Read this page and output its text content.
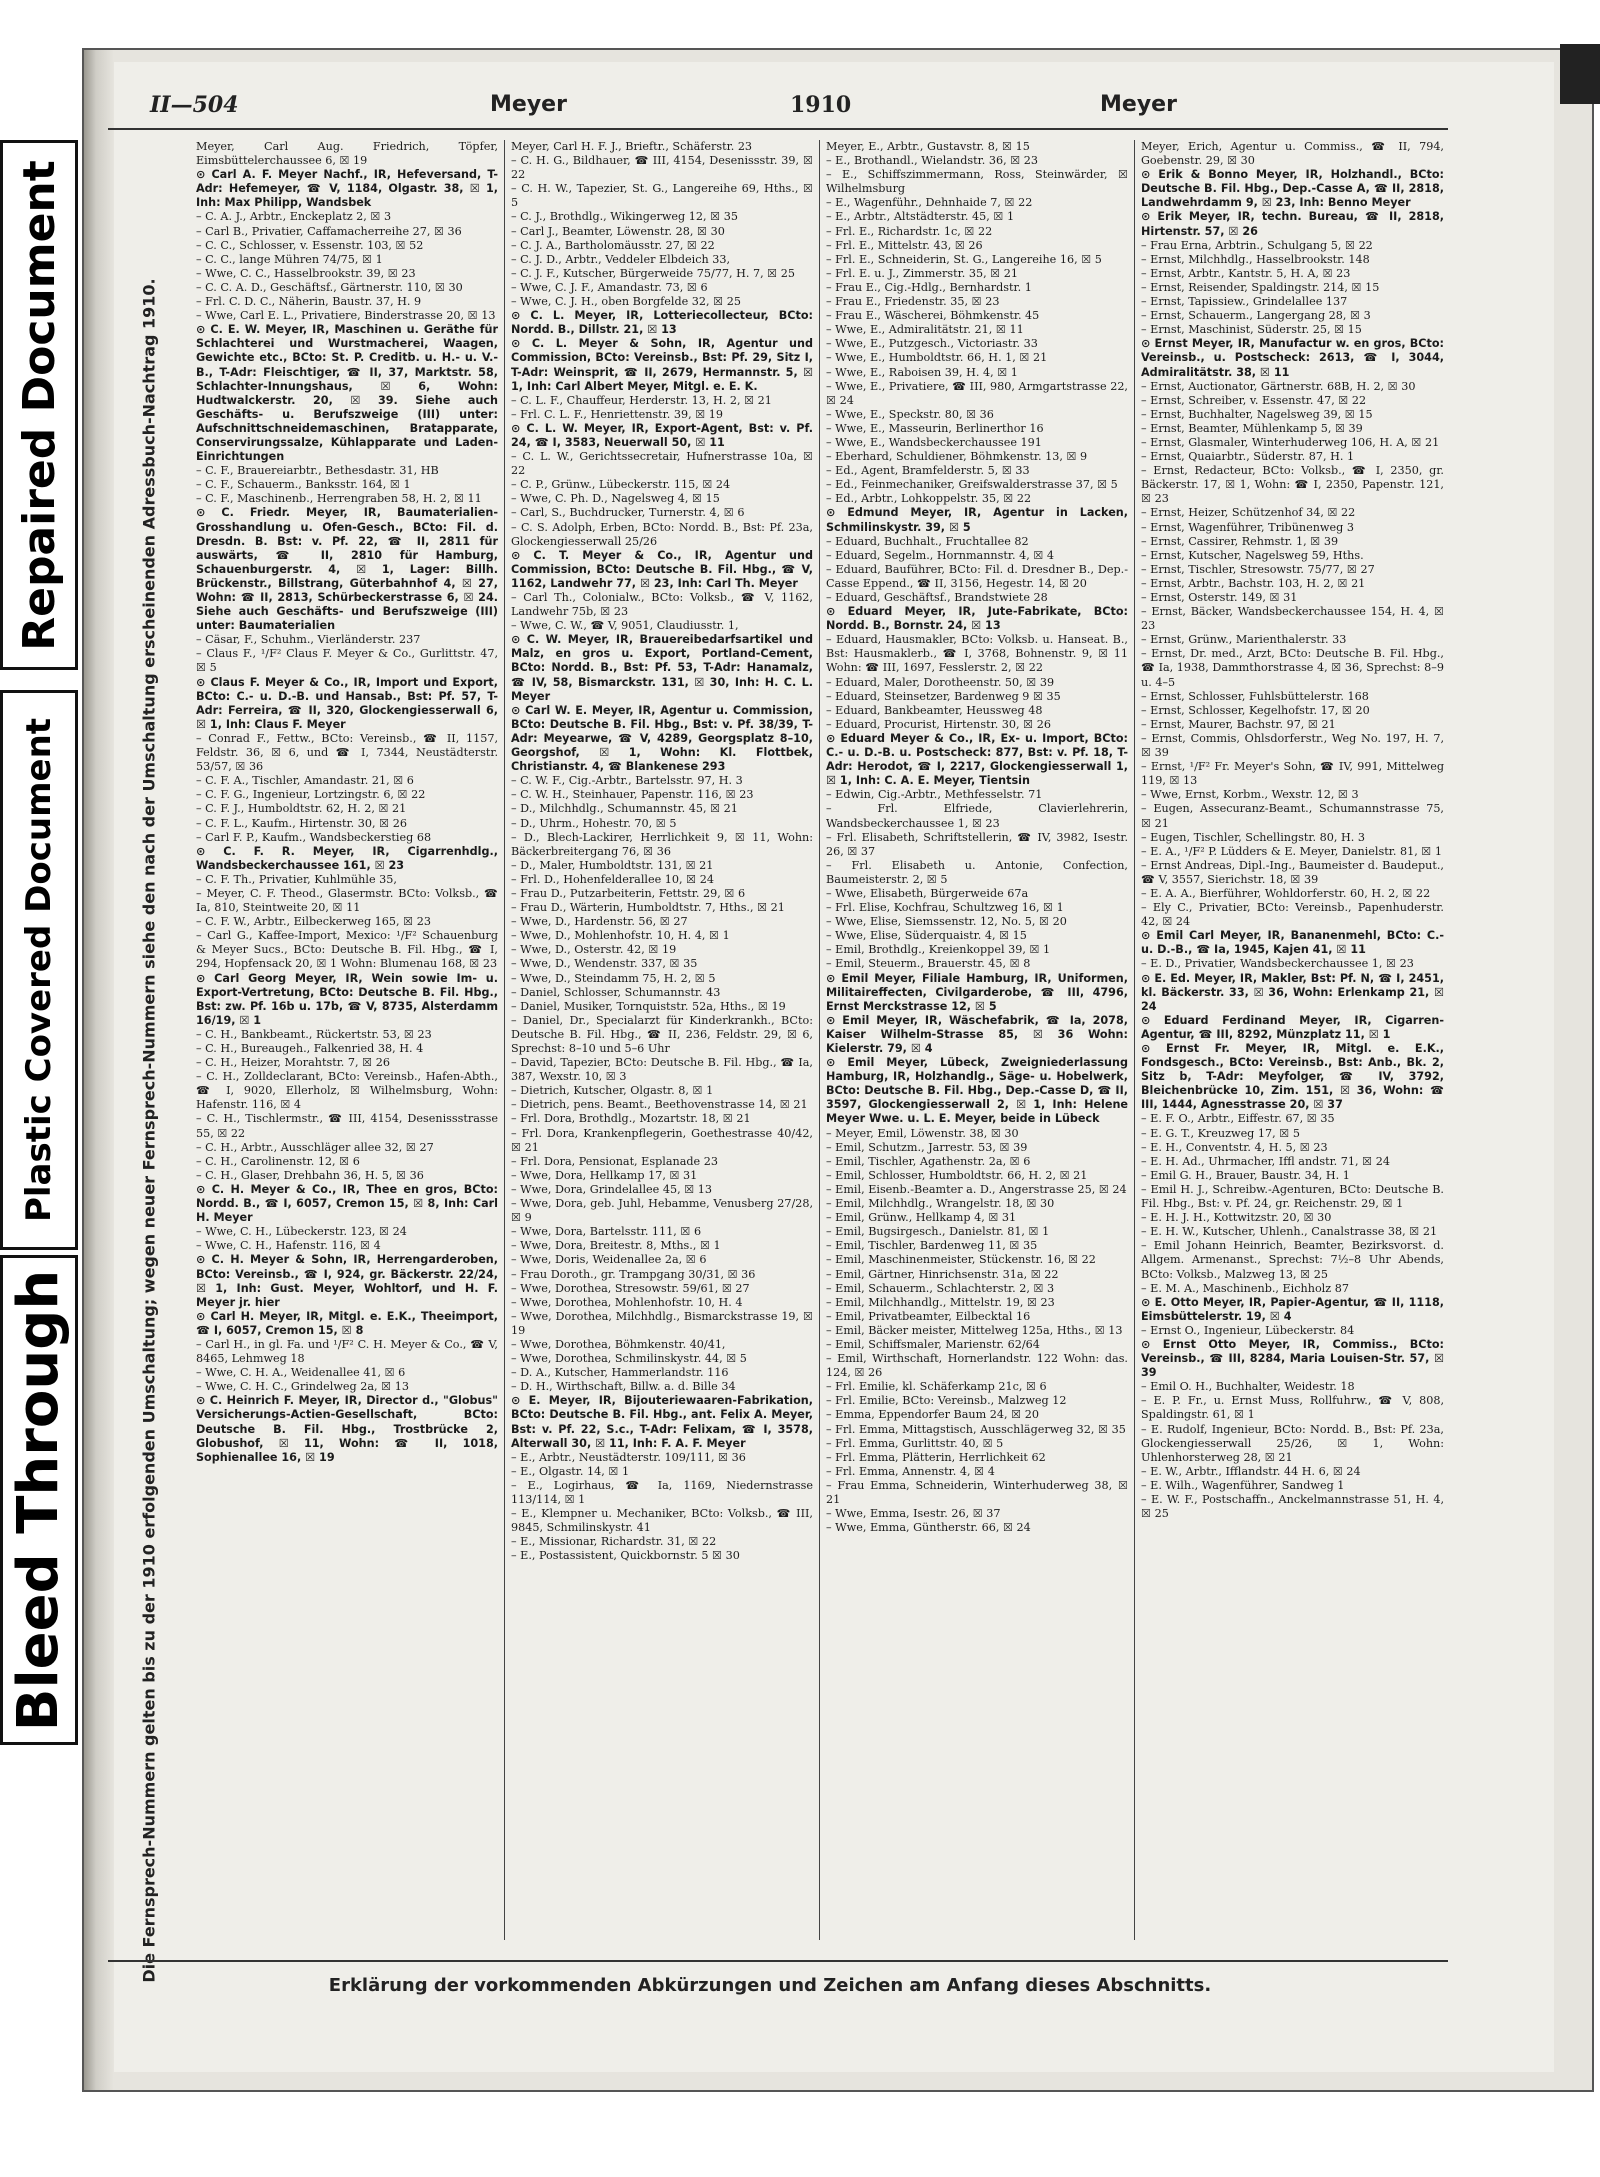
Repaired Document
Plastic Covered Document
Bleed Through
II—504	Meyer	1910	Meyer
Die Fernsprech-Nummern gelten bis zu der 1910 erfolgenden Umschaltung; wegen neuer Fernsprech-Nummern siehe den nach der Umschaltung erscheinenden Adressbuch-Nachtrag 1910.

Meyer, Carl Aug. Friedrich, Töpfer, Eimsbüttelerchaussee 6, ☒ 19

⊙ Carl A. F. Meyer Nachf., IR, Hefeversand, T-Adr: Hefemeyer, ☎ V, 1184, Olgastr. 38, ☒ 1, Inh: Max Philipp, Wandsbek

– C. A. J., Arbtr., Enckeplatz 2, ☒ 3

– Carl B., Privatier, Caffamacherreihe 27, ☒ 36

– C. C., Schlosser, v. Essenstr. 103, ☒ 52

– C. C., lange Mühren 74/75, ☒ 1

– Wwe, C. C., Hasselbrookstr. 39, ☒ 23

– C. C. A. D., Geschäftsf., Gärtnerstr. 110, ☒ 30

– Frl. C. D. C., Näherin, Baustr. 37, H. 9

– Wwe, Carl E. L., Privatiere, Binderstrasse 20, ☒ 13

⊙ C. E. W. Meyer, IR, Maschinen u. Geräthe für Schlachterei und Wurstmacherei, Waagen, Gewichte etc., BCto: St. P. Creditb. u. H.- u. V.-B., T-Adr: Fleischtiger, ☎ II, 37, Marktstr. 58, Schlachter-Innungshaus, ☒ 6, Wohn: Hudtwalckerstr. 20, ☒ 39. Siehe auch Geschäfts- u. Berufszweige (III) unter: Aufschnittschneidemaschinen, Bratapparate, Conservirungssalze, Kühlapparate und Laden-Einrichtungen

– C. F., Brauereiarbtr., Bethesdastr. 31, HB

– C. F., Schauerm., Banksstr. 164, ☒ 1

– C. F., Maschinenb., Herrengraben 58, H. 2, ☒ 11

⊙ C. Friedr. Meyer, IR, Baumaterialien-Grosshandlung u. Ofen-Gesch., BCto: Fil. d. Dresdn. B. Bst: v. Pf. 22, ☎ II, 2811 für auswärts, ☎ II, 2810 für Hamburg, Schauenburgerstr. 4, ☒ 1, Lager: Billh. Brückenstr., Billstrang, Güterbahnhof 4, ☒ 27, Wohn: ☎ II, 2813, Schürbeckerstrasse 6, ☒ 24. Siehe auch Geschäfts- und Berufszweige (III) unter: Baumaterialien

– Cäsar, F., Schuhm., Vierländerstr. 237

– Claus F., ¹/F² Claus F. Meyer & Co., Gurlittstr. 47, ☒ 5

⊙ Claus F. Meyer & Co., IR, Import und Export, BCto: C.- u. D.-B. und Hansab., Bst: Pf. 57, T-Adr: Ferreira, ☎ II, 320, Glockengiesserwall 6, ☒ 1, Inh: Claus F. Meyer

– Conrad F., Fettw., BCto: Vereinsb., ☎ II, 1157, Feldstr. 36, ☒ 6, und ☎ I, 7344, Neustädterstr. 53/57, ☒ 36

– C. F. A., Tischler, Amandastr. 21, ☒ 6

– C. F. G., Ingenieur, Lortzingstr. 6, ☒ 22

– C. F. J., Humboldtstr. 62, H. 2, ☒ 21

– C. F. L., Kaufm., Hirtenstr. 30, ☒ 26

– Carl F. P., Kaufm., Wandsbeckerstieg 68

⊙ C. F. R. Meyer, IR, Cigarrenhdlg., Wandsbeckerchaussee 161, ☒ 23

– C. F. Th., Privatier, Kuhlmühle 35,

– Meyer, C. F. Theod., Glasermstr. BCto: Volksb., ☎ Ia, 810, Steintweite 20, ☒ 11

– C. F. W., Arbtr., Eilbeckerweg 165, ☒ 23

– Carl G., Kaffee-Import, Mexico: ¹/F² Schauenburg & Meyer Sucs., BCto: Deutsche B. Fil. Hbg., ☎ I, 294, Hopfensack 20, ☒ 1 Wohn: Blumenau 168, ☒ 23

⊙ Carl Georg Meyer, IR, Wein sowie Im- u. Export-Vertretung, BCto: Deutsche B. Fil. Hbg., Bst: zw. Pf. 16b u. 17b, ☎ V, 8735, Alsterdamm 16/19, ☒ 1

– C. H., Bankbeamt., Rückertstr. 53, ☒ 23

– C. H., Bureaugeh., Falkenried 38, H. 4

– C. H., Heizer, Morahtstr. 7, ☒ 26

– C. H., Zolldeclarant, BCto: Vereinsb., Hafen-Abth., ☎ I, 9020, Ellerholz, ☒ Wilhelmsburg, Wohn: Hafenstr. 116, ☒ 4

– C. H., Tischlermstr., ☎ III, 4154, Desenissstrasse 55, ☒ 22

– C. H., Arbtr., Ausschläger allee 32, ☒ 27

– C. H., Carolinenstr. 12, ☒ 6

– C. H., Glaser, Drehbahn 36, H. 5, ☒ 36

⊙ C. H. Meyer & Co., IR, Thee en gros, BCto: Nordd. B., ☎ I, 6057, Cremon 15, ☒ 8, Inh: Carl H. Meyer

– Wwe, C. H., Lübeckerstr. 123, ☒ 24

– Wwe, C. H., Hafenstr. 116, ☒ 4

⊙ C. H. Meyer & Sohn, IR, Herrengarderoben, BCto: Vereinsb., ☎ I, 924, gr. Bäckerstr. 22/24, ☒ 1, Inh: Gust. Meyer, Wohltorf, und H. F. Meyer jr. hier

⊙ Carl H. Meyer, IR, Mitgl. e. E.K., Theeimport, ☎ I, 6057, Cremon 15, ☒ 8

– Carl H., in gl. Fa. und ¹/F² C. H. Meyer & Co., ☎ V, 8465, Lehmweg 18

– Wwe, C. H. A., Weidenallee 41, ☒ 6

– Wwe, C. H. C., Grindelweg 2a, ☒ 13

⊙ C. Heinrich F. Meyer, IR, Director d., "Globus" Versicherungs-Actien-Gesellschaft, BCto: Deutsche B. Fil. Hbg., Trostbrücke 2, Globushof, ☒ 11, Wohn: ☎ II, 1018, Sophienallee 16, ☒ 19

Meyer, Carl H. F. J., Brieftr., Schäferstr. 23

– C. H. G., Bildhauer, ☎ III, 4154, Desenissstr. 39, ☒ 22

– C. H. W., Tapezier, St. G., Langereihe 69, Hths., ☒ 5

– C. J., Brothdlg., Wikingerweg 12, ☒ 35

– Carl J., Beamter, Löwenstr. 28, ☒ 30

– C. J. A., Bartholomäusstr. 27, ☒ 22

– C. J. D., Arbtr., Veddeler Elbdeich 33,

– C. J. F., Kutscher, Bürgerweide 75/77, H. 7, ☒ 25

– Wwe, C. J. F., Amandastr. 73, ☒ 6

– Wwe, C. J. H., oben Borgfelde 32, ☒ 25

⊙ C. L. Meyer, IR, Lotteriecollecteur, BCto: Nordd. B., Dillstr. 21, ☒ 13

⊙ C. L. Meyer & Sohn, IR, Agentur und Commission, BCto: Vereinsb., Bst: Pf. 29, Sitz I, T-Adr: Weinsprit, ☎ II, 2679, Hermannstr. 5, ☒ 1, Inh: Carl Albert Meyer, Mitgl. e. E. K.

– C. L. F., Chauffeur, Herderstr. 13, H. 2, ☒ 21

– Frl. C. L. F., Henriettenstr. 39, ☒ 19

⊙ C. L. W. Meyer, IR, Export-Agent, Bst: v. Pf. 24, ☎ I, 3583, Neuerwall 50, ☒ 11

– C. L. W., Gerichtssecretair, Hufnerstrasse 10a, ☒ 22

– C. P., Grünw., Lübeckerstr. 115, ☒ 24

– Wwe, C. Ph. D., Nagelsweg 4, ☒ 15

– Carl, S., Buchdrucker, Turnerstr. 4, ☒ 6

– C. S. Adolph, Erben, BCto: Nordd. B., Bst: Pf. 23a, Glockengiesserwall 25/26

⊙ C. T. Meyer & Co., IR, Agentur und Commission, BCto: Deutsche B. Fil. Hbg., ☎ V, 1162, Landwehr 77, ☒ 23, Inh: Carl Th. Meyer

– Carl Th., Colonialw., BCto: Volksb., ☎ V, 1162, Landwehr 75b, ☒ 23

– Wwe, C. W., ☎ V, 9051, Claudiusstr. 1,

⊙ C. W. Meyer, IR, Brauereibedarfsartikel und Malz, en gros u. Export, Portland-Cement, BCto: Nordd. B., Bst: Pf. 53, T-Adr: Hanamalz, ☎ IV, 58, Bismarckstr. 131, ☒ 30, Inh: H. C. L. Meyer

⊙ Carl W. E. Meyer, IR, Agentur u. Commission, BCto: Deutsche B. Fil. Hbg., Bst: v. Pf. 38/39, T-Adr: Meyearwe, ☎ V, 4289, Georgsplatz 8–10, Georgshof, ☒ 1, Wohn: Kl. Flottbek, Christianstr. 4, ☎ Blankenese 293

– C. W. F., Cig.-Arbtr., Bartelsstr. 97, H. 3

– C. W. H., Steinhauer, Papenstr. 116, ☒ 23

– D., Milchhdlg., Schumannstr. 45, ☒ 21

– D., Uhrm., Hohestr. 70, ☒ 5

– D., Blech-Lackirer, Herrlichkeit 9, ☒ 11, Wohn: Bäckerbreitergang 76, ☒ 36

– D., Maler, Humboldtstr. 131, ☒ 21

– Frl. D., Hohenfelderallee 10, ☒ 24

– Frau D., Putzarbeiterin, Fettstr. 29, ☒ 6

– Frau D., Wärterin, Humboldtstr. 7, Hths., ☒ 21

– Wwe, D., Hardenstr. 56, ☒ 27

– Wwe, D., Mohlenhofstr. 10, H. 4, ☒ 1

– Wwe, D., Osterstr. 42, ☒ 19

– Wwe, D., Wendenstr. 337, ☒ 35

– Wwe, D., Steindamm 75, H. 2, ☒ 5

– Daniel, Schlosser, Schumannstr. 43

– Daniel, Musiker, Tornquiststr. 52a, Hths., ☒ 19

– Daniel, Dr., Specialarzt für Kinderkrankh., BCto: Deutsche B. Fil. Hbg., ☎ II, 236, Feldstr. 29, ☒ 6, Sprechst: 8–10 und 5–6 Uhr

– David, Tapezier, BCto: Deutsche B. Fil. Hbg., ☎ Ia, 387, Wexstr. 10, ☒ 3

– Dietrich, Kutscher, Olgastr. 8, ☒ 1

– Dietrich, pens. Beamt., Beethovenstrasse 14, ☒ 21

– Frl. Dora, Brothdlg., Mozartstr. 18, ☒ 21

– Frl. Dora, Krankenpflegerin, Goethestrasse 40/42, ☒ 21

– Frl. Dora, Pensionat, Esplanade 23

– Wwe, Dora, Hellkamp 17, ☒ 31

– Wwe, Dora, Grindelallee 45, ☒ 13

– Wwe, Dora, geb. Juhl, Hebamme, Venusberg 27/28, ☒ 9

– Wwe, Dora, Bartelsstr. 111, ☒ 6

– Wwe, Dora, Breitestr. 8, Mths., ☒ 1

– Wwe, Doris, Weidenallee 2a, ☒ 6

– Frau Doroth., gr. Trampgang 30/31, ☒ 36

– Wwe, Dorothea, Stresowstr. 59/61, ☒ 27

– Wwe, Dorothea, Mohlenhofstr. 10, H. 4

– Wwe, Dorothea, Milchhdlg., Bismarckstrasse 19, ☒ 19

– Wwe, Dorothea, Böhmkenstr. 40/41,

– Wwe, Dorothea, Schmilinskystr. 44, ☒ 5

– D. A., Kutscher, Hammerlandstr. 116

– D. H., Wirthschaft, Billw. a. d. Bille 34

⊙ E. Meyer, IR, Bijouteriewaaren-Fabrikation, BCto: Deutsche B. Fil. Hbg., ant. Felix A. Meyer, Bst: v. Pf. 22, S.c., T-Adr: Felixam, ☎ I, 3578, Alterwall 30, ☒ 11, Inh: F. A. F. Meyer

– E., Arbtr., Neustädterstr. 109/111, ☒ 36

– E., Olgastr. 14, ☒ 1

– E., Logirhaus, ☎ Ia, 1169, Niedernstrasse 113/114, ☒ 1

– E., Klempner u. Mechaniker, BCto: Volksb., ☎ III, 9845, Schmilinskystr. 41

– E., Missionar, Richardstr. 31, ☒ 22

– E., Postassistent, Quickbornstr. 5 ☒ 30

Meyer, E., Arbtr., Gustavstr. 8, ☒ 15

– E., Brothandl., Wielandstr. 36, ☒ 23

– E., Schiffszimmermann, Ross, Steinwärder, ☒ Wilhelmsburg

– E., Wagenführ., Dehnhaide 7, ☒ 22

– E., Arbtr., Altstädterstr. 45, ☒ 1

– Frl. E., Richardstr. 1c, ☒ 22

– Frl. E., Mittelstr. 43, ☒ 26

– Frl. E., Schneiderin, St. G., Langereihe 16, ☒ 5

– Frl. E. u. J., Zimmerstr. 35, ☒ 21

– Frau E., Cig.-Hdlg., Bernhardstr. 1

– Frau E., Friedenstr. 35, ☒ 23

– Frau E., Wäscherei, Böhmkenstr. 45

– Wwe, E., Admiralitätstr. 21, ☒ 11

– Wwe, E., Putzgesch., Victoriastr. 33

– Wwe, E., Humboldtstr. 66, H. 1, ☒ 21

– Wwe, E., Raboisen 39, H. 4, ☒ 1

– Wwe, E., Privatiere, ☎ III, 980, Armgartstrasse 22, ☒ 24

– Wwe, E., Speckstr. 80, ☒ 36

– Wwe, E., Masseurin, Berlinerthor 16

– Wwe, E., Wandsbeckerchaussee 191

– Eberhard, Schuldiener, Böhmkenstr. 13, ☒ 9

– Ed., Agent, Bramfelderstr. 5, ☒ 33

– Ed., Feinmechaniker, Greifswalderstrasse 37, ☒ 5

– Ed., Arbtr., Lohkoppelstr. 35, ☒ 22

⊙ Edmund Meyer, IR, Agentur in Lacken, Schmilinskystr. 39, ☒ 5

– Eduard, Buchhalt., Fruchtallee 82

– Eduard, Segelm., Hornmannstr. 4, ☒ 4

– Eduard, Bauführer, BCto: Fil. d. Dresdner B., Dep.-Casse Eppend., ☎ II, 3156, Hegestr. 14, ☒ 20

– Eduard, Geschäftsf., Brandstwiete 28

⊙ Eduard Meyer, IR, Jute-Fabrikate, BCto: Nordd. B., Bornstr. 24, ☒ 13

– Eduard, Hausmakler, BCto: Volksb. u. Hanseat. B., Bst: Hausmaklerb., ☎ I, 3768, Bohnenstr. 9, ☒ 11 Wohn: ☎ III, 1697, Fesslerstr. 2, ☒ 22

– Eduard, Maler, Dorotheenstr. 50, ☒ 39

– Eduard, Steinsetzer, Bardenweg 9 ☒ 35

– Eduard, Bankbeamter, Heussweg 48

– Eduard, Procurist, Hirtenstr. 30, ☒ 26

⊙ Eduard Meyer & Co., IR, Ex- u. Import, BCto: C.- u. D.-B. u. Postscheck: 877, Bst: v. Pf. 18, T-Adr: Herodot, ☎ I, 2217, Glockengiesserwall 1, ☒ 1, Inh: C. A. E. Meyer, Tientsin

– Edwin, Cig.-Arbtr., Methfesselstr. 71

– Frl. Elfriede, Clavierlehrerin, Wandsbeckerchaussee 1, ☒ 23

– Frl. Elisabeth, Schriftstellerin, ☎ IV, 3982, Isestr. 26, ☒ 37

– Frl. Elisabeth u. Antonie, Confection, Baumeisterstr. 2, ☒ 5

– Wwe, Elisabeth, Bürgerweide 67a

– Frl. Elise, Kochfrau, Schultzweg 16, ☒ 1

– Wwe, Elise, Siemssenstr. 12, No. 5, ☒ 20

– Wwe, Elise, Süderquaistr. 4, ☒ 15

– Emil, Brothdlg., Kreienkoppel 39, ☒ 1

– Emil, Steuerm., Brauerstr. 45, ☒ 8

⊙ Emil Meyer, Filiale Hamburg, IR, Uniformen, Militaireffecten, Civilgarderobe, ☎ III, 4796, Ernst Merckstrasse 12, ☒ 5

⊙ Emil Meyer, IR, Wäschefabrik, ☎ Ia, 2078, Kaiser Wilhelm-Strasse 85, ☒ 36 Wohn: Kielerstr. 79, ☒ 4

⊙ Emil Meyer, Lübeck, Zweigniederlassung Hamburg, IR, Holzhandlg., Säge- u. Hobelwerk, BCto: Deutsche B. Fil. Hbg., Dep.-Casse D, ☎ II, 3597, Glockengiesserwall 2, ☒ 1, Inh: Helene Meyer Wwe. u. L. E. Meyer, beide in Lübeck

– Meyer, Emil, Löwenstr. 38, ☒ 30

– Emil, Schutzm., Jarrestr. 53, ☒ 39

– Emil, Tischler, Agathenstr. 2a, ☒ 6

– Emil, Schlosser, Humboldtstr. 66, H. 2, ☒ 21

– Emil, Eisenb.-Beamter a. D., Angerstrasse 25, ☒ 24

– Emil, Milchhdlg., Wrangelstr. 18, ☒ 30

– Emil, Grünw., Hellkamp 4, ☒ 31

– Emil, Bugsirgesch., Danielstr. 81, ☒ 1

– Emil, Tischler, Bardenweg 11, ☒ 35

– Emil, Maschinenmeister, Stückenstr. 16, ☒ 22

– Emil, Gärtner, Hinrichsenstr. 31a, ☒ 22

– Emil, Schauerm., Schlachterstr. 2, ☒ 3

– Emil, Milchhandlg., Mittelstr. 19, ☒ 23

– Emil, Privatbeamter, Eilbecktal 16

– Emil, Bäcker meister, Mittelweg 125a, Hths., ☒ 13

– Emil, Schiffsmaler, Marienstr. 62/64

– Emil, Wirthschaft, Hornerlandstr. 122 Wohn: das. 124, ☒ 26

– Frl. Emilie, kl. Schäferkamp 21c, ☒ 6

– Frl. Emilie, BCto: Vereinsb., Malzweg 12

– Emma, Eppendorfer Baum 24, ☒ 20

– Frl. Emma, Mittagstisch, Ausschlägerweg 32, ☒ 35

– Frl. Emma, Gurlittstr. 40, ☒ 5

– Frl. Emma, Plätterin, Herrlichkeit 62

– Frl. Emma, Annenstr. 4, ☒ 4

– Frau Emma, Schneiderin, Winterhuderweg 38, ☒ 21

– Wwe, Emma, Isestr. 26, ☒ 37

– Wwe, Emma, Güntherstr. 66, ☒ 24

Meyer, Erich, Agentur u. Commiss., ☎ II, 794, Goebenstr. 29, ☒ 30

⊙ Erik & Bonno Meyer, IR, Holzhandl., BCto: Deutsche B. Fil. Hbg., Dep.-Casse A, ☎ II, 2818, Landwehrdamm 9, ☒ 23, Inh: Benno Meyer

⊙ Erik Meyer, IR, techn. Bureau, ☎ II, 2818, Hirtenstr. 57, ☒ 26

– Frau Erna, Arbtrin., Schulgang 5, ☒ 22

– Ernst, Milchhdlg., Hasselbrookstr. 148

– Ernst, Arbtr., Kantstr. 5, H. A, ☒ 23

– Ernst, Reisender, Spaldingstr. 214, ☒ 15

– Ernst, Tapissiew., Grindelallee 137

– Ernst, Schauerm., Langergang 28, ☒ 3

– Ernst, Maschinist, Süderstr. 25, ☒ 15

⊙ Ernst Meyer, IR, Manufactur w. en gros, BCto: Vereinsb., u. Postscheck: 2613, ☎ I, 3044, Admiralitätstr. 38, ☒ 11

– Ernst, Auctionator, Gärtnerstr. 68B, H. 2, ☒ 30

– Ernst, Schreiber, v. Essenstr. 47, ☒ 22

– Ernst, Buchhalter, Nagelsweg 39, ☒ 15

– Ernst, Beamter, Mühlenkamp 5, ☒ 39

– Ernst, Glasmaler, Winterhuderweg 106, H. A, ☒ 21

– Ernst, Quaiarbtr., Süderstr. 87, H. 1

– Ernst, Redacteur, BCto: Volksb., ☎ I, 2350, gr. Bäckerstr. 17, ☒ 1, Wohn: ☎ I, 2350, Papenstr. 121, ☒ 23

– Ernst, Heizer, Schützenhof 34, ☒ 22

– Ernst, Wagenführer, Tribünenweg 3

– Ernst, Cassirer, Rehmstr. 1, ☒ 39

– Ernst, Kutscher, Nagelsweg 59, Hths.

– Ernst, Tischler, Stresowstr. 75/77, ☒ 27

– Ernst, Arbtr., Bachstr. 103, H. 2, ☒ 21

– Ernst, Osterstr. 149, ☒ 31

– Ernst, Bäcker, Wandsbeckerchaussee 154, H. 4, ☒ 23

– Ernst, Grünw., Marienthalerstr. 33

– Ernst, Dr. med., Arzt, BCto: Deutsche B. Fil. Hbg., ☎ Ia, 1938, Dammthorstrasse 4, ☒ 36, Sprechst: 8–9 u. 4–5

– Ernst, Schlosser, Fuhlsbüttelerstr. 168

– Ernst, Schlosser, Kegelhofstr. 17, ☒ 20

– Ernst, Maurer, Bachstr. 97, ☒ 21

– Ernst, Commis, Ohlsdorferstr., Weg No. 197, H. 7, ☒ 39

– Ernst, ¹/F² Fr. Meyer's Sohn, ☎ IV, 991, Mittelweg 119, ☒ 13

– Wwe, Ernst, Korbm., Wexstr. 12, ☒ 3

– Eugen, Assecuranz-Beamt., Schumannstrasse 75, ☒ 21

– Eugen, Tischler, Schellingstr. 80, H. 3

– E. A., ¹/F² P. Lüdders & E. Meyer, Danielstr. 81, ☒ 1

– Ernst Andreas, Dipl.-Ing., Baumeister d. Baudeput., ☎ V, 3557, Sierichstr. 18, ☒ 39

– E. A. A., Bierführer, Wohldorferstr. 60, H. 2, ☒ 22

– Ely C., Privatier, BCto: Vereinsb., Papenhuderstr. 42, ☒ 24

⊙ Emil Carl Meyer, IR, Bananenmehl, BCto: C.- u. D.-B., ☎ Ia, 1945, Kajen 41, ☒ 11

– E. D., Privatier, Wandsbeckerchaussee 1, ☒ 23

⊙ E. Ed. Meyer, IR, Makler, Bst: Pf. N, ☎ I, 2451, kl. Bäckerstr. 33, ☒ 36, Wohn: Erlenkamp 21, ☒ 24

⊙ Eduard Ferdinand Meyer, IR, Cigarren-Agentur, ☎ III, 8292, Münzplatz 11, ☒ 1

⊙ Ernst Fr. Meyer, IR, Mitgl. e. E.K., Fondsgesch., BCto: Vereinsb., Bst: Anb., Bk. 2, Sitz b, T-Adr: Meyfolger, ☎ IV, 3792, Bleichenbrücke 10, Zim. 151, ☒ 36, Wohn: ☎ III, 1444, Agnesstrasse 20, ☒ 37

– E. F. O., Arbtr., Eiffestr. 67, ☒ 35

– E. G. T., Kreuzweg 17, ☒ 5

– E. H., Conventstr. 4, H. 5, ☒ 23

– E. H. Ad., Uhrmacher, Iffl andstr. 71, ☒ 24

– Emil G. H., Brauer, Baustr. 34, H. 1

– Emil H. J., Schreibw.-Agenturen, BCto: Deutsche B. Fil. Hbg., Bst: v. Pf. 24, gr. Reichenstr. 29, ☒ 1

– E. H. J. H., Kottwitzstr. 20, ☒ 30

– E. H. W., Kutscher, Uhlenh., Canalstrasse 38, ☒ 21

– Emil Johann Heinrich, Beamter, Bezirksvorst. d. Allgem. Armenanst., Sprechst: 7½–8 Uhr Abends, BCto: Volksb., Malzweg 13, ☒ 25

– E. M. A., Maschinenb., Eichholz 87

⊙ E. Otto Meyer, IR, Papier-Agentur, ☎ II, 1118, Eimsbüttelerstr. 19, ☒ 4

– Ernst O., Ingenieur, Lübeckerstr. 84

⊙ Ernst Otto Meyer, IR, Commiss., BCto: Vereinsb., ☎ III, 8284, Maria Louisen-Str. 57, ☒ 39

– Emil O. H., Buchhalter, Weidestr. 18

– E. P. Fr., u. Ernst Muss, Rollfuhrw., ☎ V, 808, Spaldingstr. 61, ☒ 1

– E. Rudolf, Ingenieur, BCto: Nordd. B., Bst: Pf. 23a, Glockengiesserwall 25/26, ☒ 1, Wohn: Uhlenhorsterweg 28, ☒ 21

– E. W., Arbtr., Ifflandstr. 44 H. 6, ☒ 24

– E. Wilh., Wagenführer, Sandweg 1

– E. W. F., Postschaffn., Anckelmannstrasse 51, H. 4, ☒ 25

Erklärung der vorkommenden Abkürzungen und Zeichen am Anfang dieses Abschnitts.
